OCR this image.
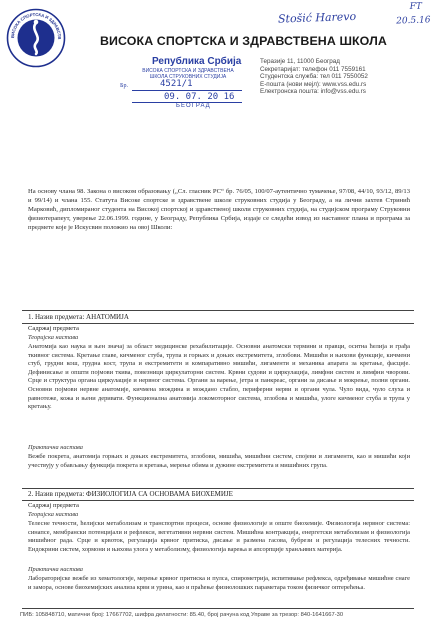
Stošić Harevo
FT
20.5.16
ВИСОКА СПОРТСКА И ЗДРАВСТВ	ВИСОКА СПОРТСКА И ЗДРАВСТВЕНА ШКОЛА
Република Србија
ВИСОКА СПОРТСКА И ЗДРАВСТВЕНА ШКОЛА СТРУКОВНИХ СТУДИЈА
Бр.	4521/1
09. 07. 20 16
БЕОГРАД
Теразије 11, 11000 Београд
Секретаријат: телефон 011 7559161
Студентска служба: тел 011 7550052
Е-пошта (нови мејл): www.vss.edu.rs
Електронска пошта: info@vss.edu.rs
На основу члана 98. Закона о високом образовању („Сл. гласник РС“ бр. 76/05, 100/07-аутентично тумачење, 97/08, 44/10, 93/12, 89/13 и 99/14) и члана 155. Статута Високе спортске и здравствене школе струковних студија у Београду, а на лични захтев Стринић Марковић, дипломираног студента на Високој спортској и здравственој школи струковних студија, на студијском програму Струковни физиотерапеут, уверење 22.06.1999. године, у Београду, Република Србија, издаје се следећи извод из наставног плана и програма за предмете које је Искусвин положио на овој Школи:
1. Назив предмета: АНАТОМИЈА
Садржај предмета
Теоријска настава
Анатомија као наука и њен значај за област медицинске рехабилитације. Основни анатомски термини и правци, оситна ћелија и грађа ткивног система. Кретање главе, кичменог стуба, трупа и горњих и доњих екстремитета, зглобови. Мишићи и њихови функције, кичмени стуб, грудни кош, грудна кост, трупа и екстремитети и компаративно мишићи, лигаменти и механика апарата за кретање, фасције. Дефинисање и општи појмови ткива, повезници циркулаторни систем. Крвни судови и циркулација, лимфни систем и лимфни чворови. Срце и структура органа циркулације и нервног система. Органи за варење, јетра и панкреас, органи за дисање и мокрење, полни органи. Основни појмови нервне анатомије, кичмена мождина и мождано стабло, периферни нерви и органи чула. Чуло вида, чуло слуха и равнотеже, кожа и њени деривати. Функционална анатомија локомоторног система, зглобова и мишића, улоге кичменог стуба и трупа у кретању.
Практична настава
Вежбе покрета, анатомија горњих и доњих екстремитета, зглобови, мишића, мишићни систем, спојеви и лигаменти, као и мишићи који учествују у обављању функција покрета и кретања, мерење обима и дужине екстремитета и мишићних група.
2. Назив предмета: ФИЗИОЛОГИЈА СА ОСНОВАМА БИОХЕМИЈЕ
Садржај предмета
Теоријска настава
Телесне течности, ћелијски метаболизам и транспортни процеси, основе физиологије и опште биохемије. Физиологија нервног система: синапсе, мембрански потенцијали и рефлекси, вегетативни нервни систем. Мишићна контракција, енергетски метаболизам и физиологија мишићног рада. Срце и крвоток, регулација крвног притиска, дисање и размена гасова, бубрези и регулација телесних течности. Ендокрини систем, хормони и њихова улога у метаболизму, физиологија варења и апсорпције хранљивих материја.
Практична настава
Лабораторијске вежбе из хематологије, мерење крвног притиска и пулса, спирометрија, испитивање рефлекса, одређивање мишићне снаге и замора, основе биохемијских анализа крви и урина, као и праћење физиолошких параметара током физичког оптерећења.
ПИБ: 105848710, матични број: 17667702, шифра делатности: 85.40, број рачуна код Управе за трезор: 840-1641667-30
